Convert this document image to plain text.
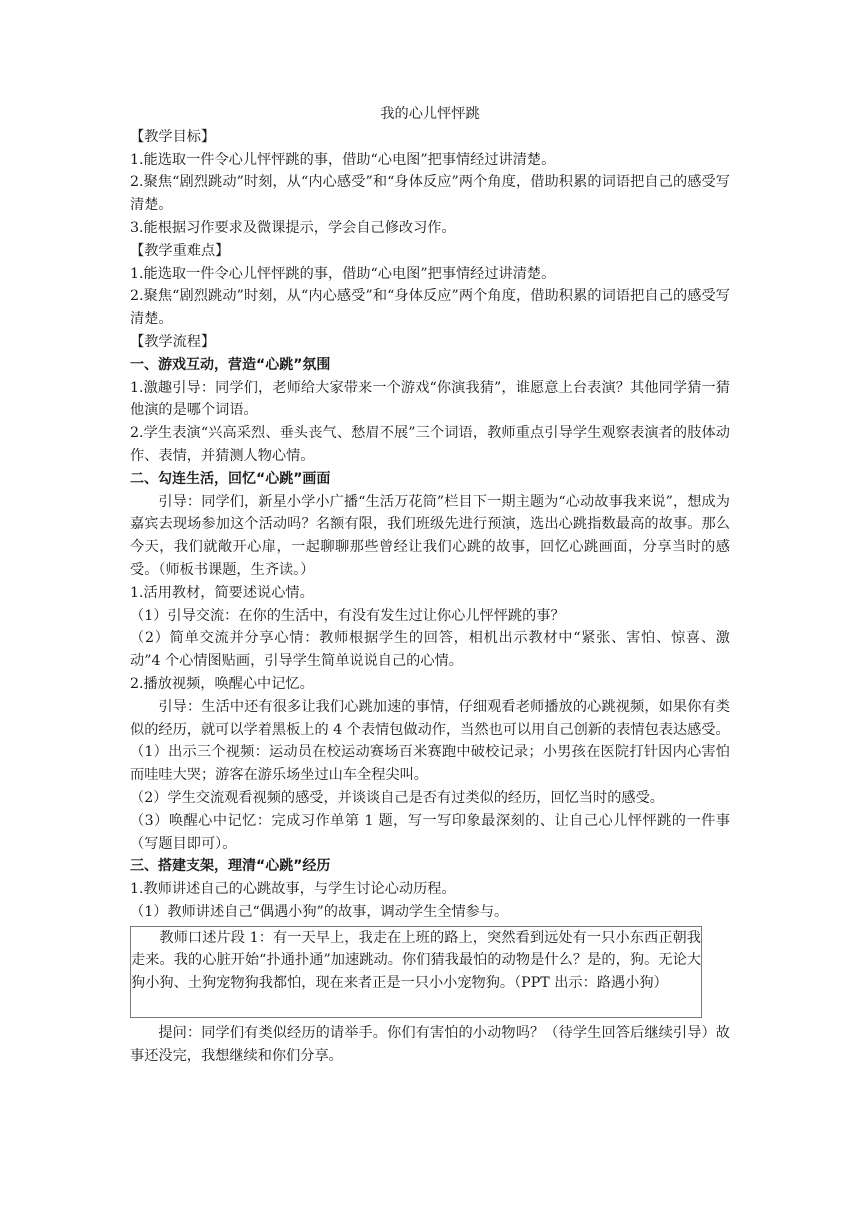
我的心儿怦怦跳

【教学目标】

1.能选取一件令心儿怦怦跳的事，借助“心电图”把事情经过讲清楚。

2.聚焦“剧烈跳动”时刻，从“内心感受”和“身体反应”两个角度，借助积累的词语把自己的感受写清楚。

3.能根据习作要求及微课提示，学会自己修改习作。

【教学重难点】

1.能选取一件令心儿怦怦跳的事，借助“心电图”把事情经过讲清楚。

2.聚焦“剧烈跳动”时刻，从“内心感受”和“身体反应”两个角度，借助积累的词语把自己的感受写清楚。

【教学流程】

一、游戏互动，营造“心跳”氛围

1.激趣引导：同学们，老师给大家带来一个游戏“你演我猜”，谁愿意上台表演？其他同学猜一猜他演的是哪个词语。

2.学生表演“兴高采烈、垂头丧气、愁眉不展”三个词语，教师重点引导学生观察表演者的肢体动作、表情，并猜测人物心情。

二、勾连生活，回忆“心跳”画面

引导：同学们，新星小学小广播“生活万花筒”栏目下一期主题为“心动故事我来说”，想成为嘉宾去现场参加这个活动吗？名额有限，我们班级先进行预演，选出心跳指数最高的故事。那么今天，我们就敞开心扉，一起聊聊那些曾经让我们心跳的故事，回忆心跳画面，分享当时的感受。（师板书课题，生齐读。）

1.活用教材，简要述说心情。

（1）引导交流：在你的生活中，有没有发生过让你心儿怦怦跳的事？

（2）简单交流并分享心情：教师根据学生的回答，相机出示教材中“紧张、害怕、惊喜、激动”4 个心情图贴画，引导学生简单说说自己的心情。

2.播放视频，唤醒心中记忆。

引导：生活中还有很多让我们心跳加速的事情，仔细观看老师播放的心跳视频，如果你有类似的经历，就可以学着黑板上的 4 个表情包做动作，当然也可以用自己创新的表情包表达感受。

（1）出示三个视频：运动员在校运动赛场百米赛跑中破校记录；小男孩在医院打针因内心害怕而哇哇大哭；游客在游乐场坐过山车全程尖叫。

（2）学生交流观看视频的感受，并谈谈自己是否有过类似的经历，回忆当时的感受。

（3）唤醒心中记忆：完成习作单第 1 题，写一写印象最深刻的、让自己心儿怦怦跳的一件事（写题目即可）。

三、搭建支架，理清“心跳”经历

1.教师讲述自己的心跳故事，与学生讨论心动历程。

（1）教师讲述自己“偶遇小狗”的故事，调动学生全情参与。

教师口述片段 1：有一天早上，我走在上班的路上，突然看到远处有一只小东西正朝我走来。我的心脏开始“扑通扑通”加速跳动。你们猜我最怕的动物是什么？是的，狗。无论大狗小狗、土狗宠物狗我都怕，现在来者正是一只小小宠物狗。（PPT 出示：路遇小狗）

提问：同学们有类似经历的请举手。你们有害怕的小动物吗？（待学生回答后继续引导）故事还没完，我想继续和你们分享。
